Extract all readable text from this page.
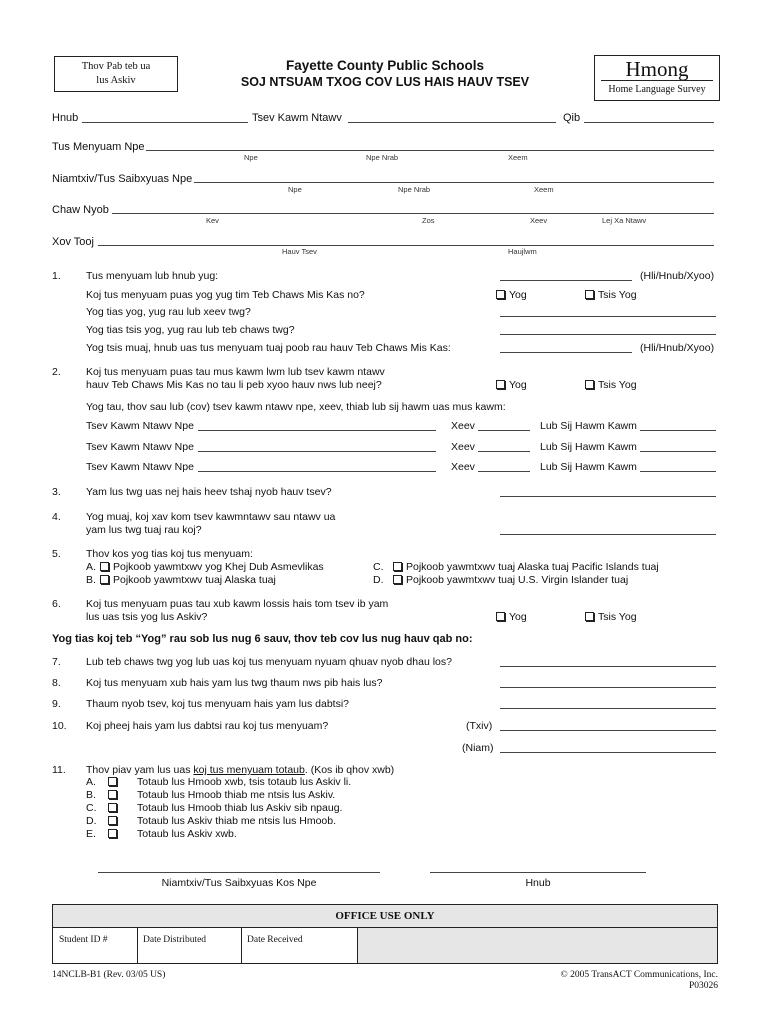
Thov Pab teb ua
lus Askiv
Fayette County Public Schools
SOJ NTSUAM TXOG COV LUS HAIS HAUV TSEV
Hmong
Home Language Survey
Hnub	Tsev Kawm Ntawv	Qib
Tus Menyuam Npe
Npe	Npe Nrab	Xeem
Niamtxiv/Tus Saibxyuas Npe
Npe	Npe Nrab	Xeem
Chaw Nyob
Kev	Zos	Xeev	Lej Xa Ntawv
Xov Tooj
Hauv Tsev	Haujlwm
1. Tus menyuam lub hnub yug:	(Hli/Hnub/Xyoo)
Koj tus menyuam puas yog yug tim Teb Chaws Mis Kas no?	Yog	Tsis Yog
Yog tias yog, yug rau lub xeev twg?
Yog tias tsis yog, yug rau lub teb chaws twg?
Yog tsis muaj, hnub uas tus menyuam tuaj poob rau hauv Teb Chaws Mis Kas:	(Hli/Hnub/Xyoo)
2. Koj tus menyuam puas tau mus kawm lwm lub tsev kawm ntawv
hauv Teb Chaws Mis Kas no tau li peb xyoo hauv nws lub neej?	Yog	Tsis Yog
Yog tau, thov sau lub (cov) tsev kawm ntawv npe, xeev, thiab lub sij hawm uas mus kawm:
Tsev Kawm Ntawv Npe	Xeev	Lub Sij Hawm Kawm
Tsev Kawm Ntawv Npe	Xeev	Lub Sij Hawm Kawm
Tsev Kawm Ntawv Npe	Xeev	Lub Sij Hawm Kawm
3. Yam lus twg uas nej hais heev tshaj nyob hauv tsev?
4. Yog muaj, koj xav kom tsev kawmntawv sau ntawv ua
yam lus twg tuaj rau koj?
5. Thov kos yog tias koj tus menyuam:
A. Pojkoob yawmtxwv yog Khej Dub Asmevlikas
B. Pojkoob yawmtxwv tuaj Alaska tuaj
C. Pojkoob yawmtxwv tuaj Alaska tuaj Pacific Islands tuaj
D. Pojkoob yawmtxwv tuaj U.S. Virgin Islander tuaj
6. Koj tus menyuam puas tau xub kawm lossis hais tom tsev ib yam
lus uas tsis yog lus Askiv?	Yog	Tsis Yog
Yog tias koj teb “Yog” rau sob lus nug 6 sauv, thov teb cov lus nug hauv qab no:
7. Lub teb chaws twg yog lub uas koj tus menyuam nyuam qhuav nyob dhau los?
8. Koj tus menyuam xub hais yam lus twg thaum nws pib hais lus?
9. Thaum nyob tsev, koj tus menyuam hais yam lus dabtsi?
10. Koj pheej hais yam lus dabtsi rau koj tus menyuam?	(Txiv)
(Niam)
11. Thov piav yam lus uas koj tus menyuam totaub. (Kos ib qhov xwb)
A.	Totaub lus Hmoob xwb, tsis totaub lus Askiv li.
B.	Totaub lus Hmoob thiab me ntsis lus Askiv.
C.	Totaub lus Hmoob thiab lus Askiv sib npaug.
D.	Totaub lus Askiv thiab me ntsis lus Hmoob.
E.	Totaub lus Askiv xwb.
Niamtxiv/Tus Saibxyuas Kos Npe	Hnub
OFFICE USE ONLY
Student ID #	Date Distributed	Date Received
14NCLB-B1 (Rev. 03/05 US)	© 2005 TransACT Communications, Inc.
P03026
